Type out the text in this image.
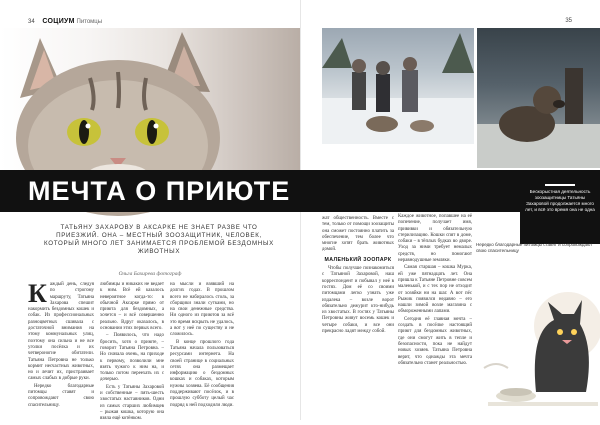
34 СОЦИУМ Питомцы	35
МЕЧТА О ПРИЮТЕ
ТАТЬЯНУ ЗАХАРОВУ В АКСАРКЕ НЕ ЗНАЕТ РАЗВЕ ЧТО ПРИЕЗЖИЙ. ОНА – МЕСТНЫЙ ЗООЗАЩИТНИК, ЧЕЛОВЕК, КОТОРЫЙ МНОГО ЛЕТ ЗАНИМАЕТСЯ ПРОБЛЕМОЙ БЕЗДОМНЫХ ЖИВОТНЫХ
Ольга Бахирева фотограф

Каждый день, следуя по строгому маршруту, Татьяна Захарова спешит накормить бездомных кошек и собак. Из профессиональных разноцветных сшивала с достаточной внимания на этому коммунальных улиц, поэтому она сильна и не все уголки посёлка и их четвероногие обитатели. Татьяна Петровна не только кормит несчастных животных, но и лечит их, пристраивает самых слабых в добрые руки.

Нередко благодарные питомцы ставят и сопровождают свою спасительницу.

любимцы и никаких не ведает к ним. Всё ей казалось невероятное когда-то: в обычной Аксарке прямо от приюта для бездомных, а хочется – и всё совершенно реально. Вдруг оказалось, в основании этих первых всего.

– Появилось, что надо бросить, хотя о приюте, – говорит Татьяна Петровна. – Но сначала очень, на приходе к первому, позволили мне взять чужого к ним на, и только потом переехать их с дочерью.

Есть у Татьяны Захаровой и собственные – пять-шесть хвостатых наставников. Одни из самых старших любимцев – рыжая кошка, которую она взяла ещё котёнком.

на мысли и взявший на долгих годах. В прошлом всего не набиралось столь, за сборщики знали сутками, но на свои денежные средства. Ни одного из приютов за всё это время вскрыть не удалось, а вот у неё по существу и не сложилось.

В конце прошлого года Татьяна начала пользоваться ресурсами интернета. На своей странице в социальных сетях она размещает информацию о бездомных кошках и собаках, которым нужны хозяева. Её сообщения поддерживают посёлок, и в прошлую субботу целый час подряд к ней подходили люди.

жат общественность. Вместе с тем, только от помощи зоозащиты она сможет постоянно платить за обеспечение, тем более что многие хотят брать животных домой.

МАЛЕНЬКИЙ ЗООПАРК

Чтобы получше познакомиться с Татьяной Захаровой, наш корреспондент и побывал у неё в гостях. Дом её со своими питомцами легко узнать уже издалека – возле ворот обязательно дежурит кто-нибудь из хвостатых. В гостях у Татьяны Петровны живут восемь кошек и четыре собаки, и все они прекрасно ладят между собой.

Каждое животное, попавшее на её попечение, получает имя, прививки и обязательную стерилизацию. Кошки спят в доме, собаки – в тёплых будках во дворе. Уход за ними требует немалых средств, но помогают неравнодушные земляки.

Самая старшая – кошка Мурка, ей уже пятнадцать лет. Она пришла к Татьяне Петровне совсем маленькой, и с тех пор не отходит от хозяйки ни на шаг. А вот пёс Рыжик появился недавно – его нашли зимой возле магазина с обмороженными лапами.

Сегодня её главная мечта – создать в посёлке настоящий приют для бездомных животных, где они смогут жить в тепле и безопасности, пока не найдут новых хозяев. Татьяна Петровна верит, что однажды эта мечта обязательно станет реальностью.

Бескорыстная деятельность зоозащитницы Татьяны Захаровой продолжается много лет, и всё это время она не одна
Нередко благодарные питомцы ставят и сопровождают свою спасительницу
